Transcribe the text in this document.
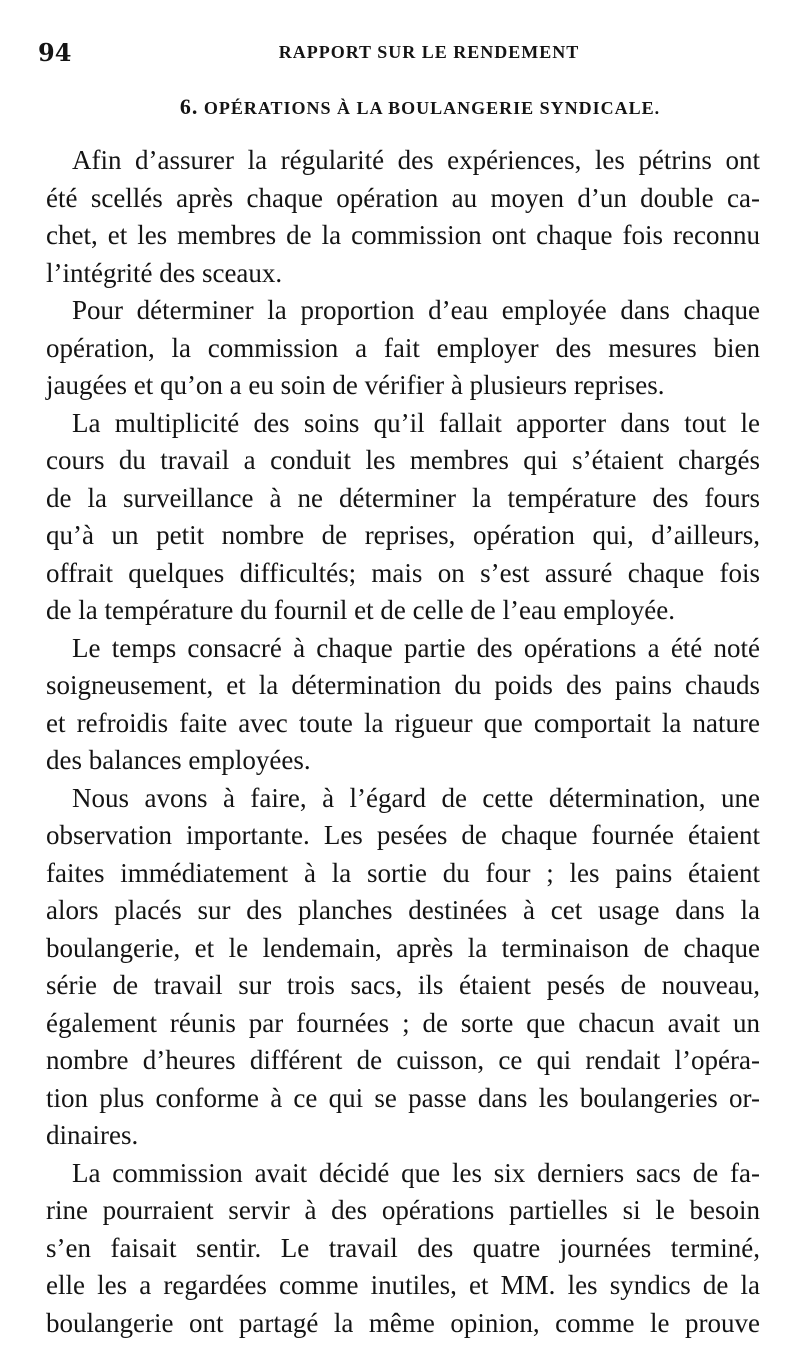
94	RAPPORT SUR LE RENDEMENT
6. OPÉRATIONS À LA BOULANGERIE SYNDICALE.
Afin d’assurer la régularité des expériences, les pétrins ont
été scellés après chaque opération au moyen d’un double ca-
chet, et les membres de la commission ont chaque fois reconnu
l’intégrité des sceaux.
Pour déterminer la proportion d’eau employée dans chaque
opération, la commission a fait employer des mesures bien
jaugées et qu’on a eu soin de vérifier à plusieurs reprises.
La multiplicité des soins qu’il fallait apporter dans tout le
cours du travail a conduit les membres qui s’étaient chargés
de la surveillance à ne déterminer la température des fours
qu’à un petit nombre de reprises, opération qui, d’ailleurs,
offrait quelques difficultés; mais on s’est assuré chaque fois
de la température du fournil et de celle de l’eau employée.
Le temps consacré à chaque partie des opérations a été noté
soigneusement, et la détermination du poids des pains chauds
et refroidis faite avec toute la rigueur que comportait la nature
des balances employées.
Nous avons à faire, à l’égard de cette détermination, une
observation importante. Les pesées de chaque fournée étaient
faites immédiatement à la sortie du four ; les pains étaient
alors placés sur des planches destinées à cet usage dans la
boulangerie, et le lendemain, après la terminaison de chaque
série de travail sur trois sacs, ils étaient pesés de nouveau,
également réunis par fournées ; de sorte que chacun avait un
nombre d’heures différent de cuisson, ce qui rendait l’opéra-
tion plus conforme à ce qui se passe dans les boulangeries or-
dinaires.
La commission avait décidé que les six derniers sacs de fa-
rine pourraient servir à des opérations partielles si le besoin
s’en faisait sentir. Le travail des quatre journées terminé,
elle les a regardées comme inutiles, et MM. les syndics de la
boulangerie ont partagé la même opinion, comme le prouve
